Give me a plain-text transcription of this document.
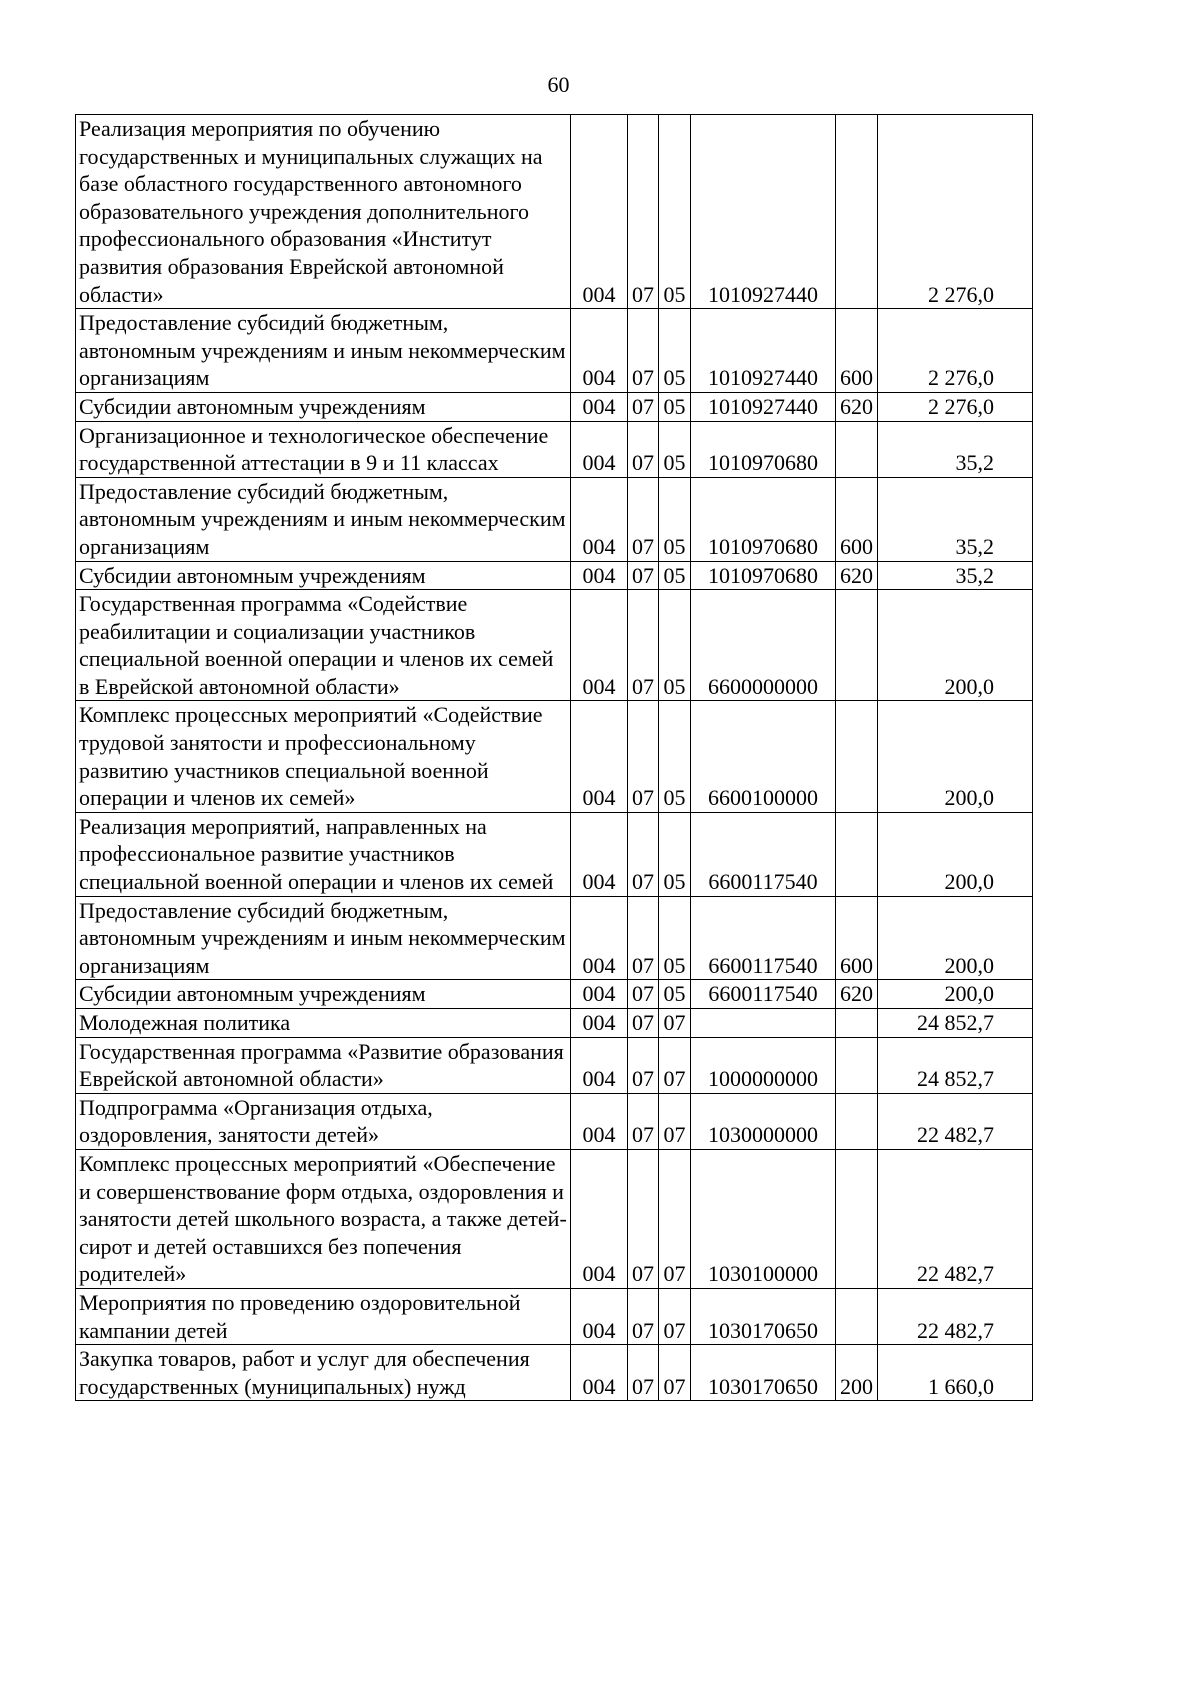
60
Реализация мероприятия по обучению государственных и муниципальных служащих на базе областного государственного автономного образовательного учреждения дополнительного профессионального образования «Институт развития образования Еврейской автономной области»	004	07	05	1010927440		2 276,0
Предоставление субсидий бюджетным, автономным учреждениям и иным некоммерческим организациям	004	07	05	1010927440	600	2 276,0
Субсидии автономным учреждениям	004	07	05	1010927440	620	2 276,0
Организационное и технологическое обеспечение государственной аттестации в 9 и 11 классах	004	07	05	1010970680		35,2
Предоставление субсидий бюджетным, автономным учреждениям и иным некоммерческим организациям	004	07	05	1010970680	600	35,2
Субсидии автономным учреждениям	004	07	05	1010970680	620	35,2
Государственная программа «Содействие реабилитации и социализации участников специальной военной операции и членов их семей в Еврейской автономной области»	004	07	05	6600000000		200,0
Комплекс процессных мероприятий «Содействие трудовой занятости и профессиональному развитию участников специальной военной операции и членов их семей»	004	07	05	6600100000		200,0
Реализация мероприятий, направленных на профессиональное развитие участников специальной военной операции и членов их семей	004	07	05	6600117540		200,0
Предоставление субсидий бюджетным, автономным учреждениям и иным некоммерческим организациям	004	07	05	6600117540	600	200,0
Субсидии автономным учреждениям	004	07	05	6600117540	620	200,0
Молодежная политика	004	07	07			24 852,7
Государственная программа «Развитие образования Еврейской автономной области»	004	07	07	1000000000		24 852,7
Подпрограмма «Организация отдыха, оздоровления, занятости детей»	004	07	07	1030000000		22 482,7
Комплекс процессных мероприятий «Обеспечение и совершенствование форм отдыха, оздоровления и занятости детей школьного возраста, а также детей-сирот и детей оставшихся без попечения родителей»	004	07	07	1030100000		22 482,7
Мероприятия по проведению оздоровительной кампании детей	004	07	07	1030170650		22 482,7
Закупка товаров, работ и услуг для обеспечения государственных (муниципальных) нужд	004	07	07	1030170650	200	1 660,0
